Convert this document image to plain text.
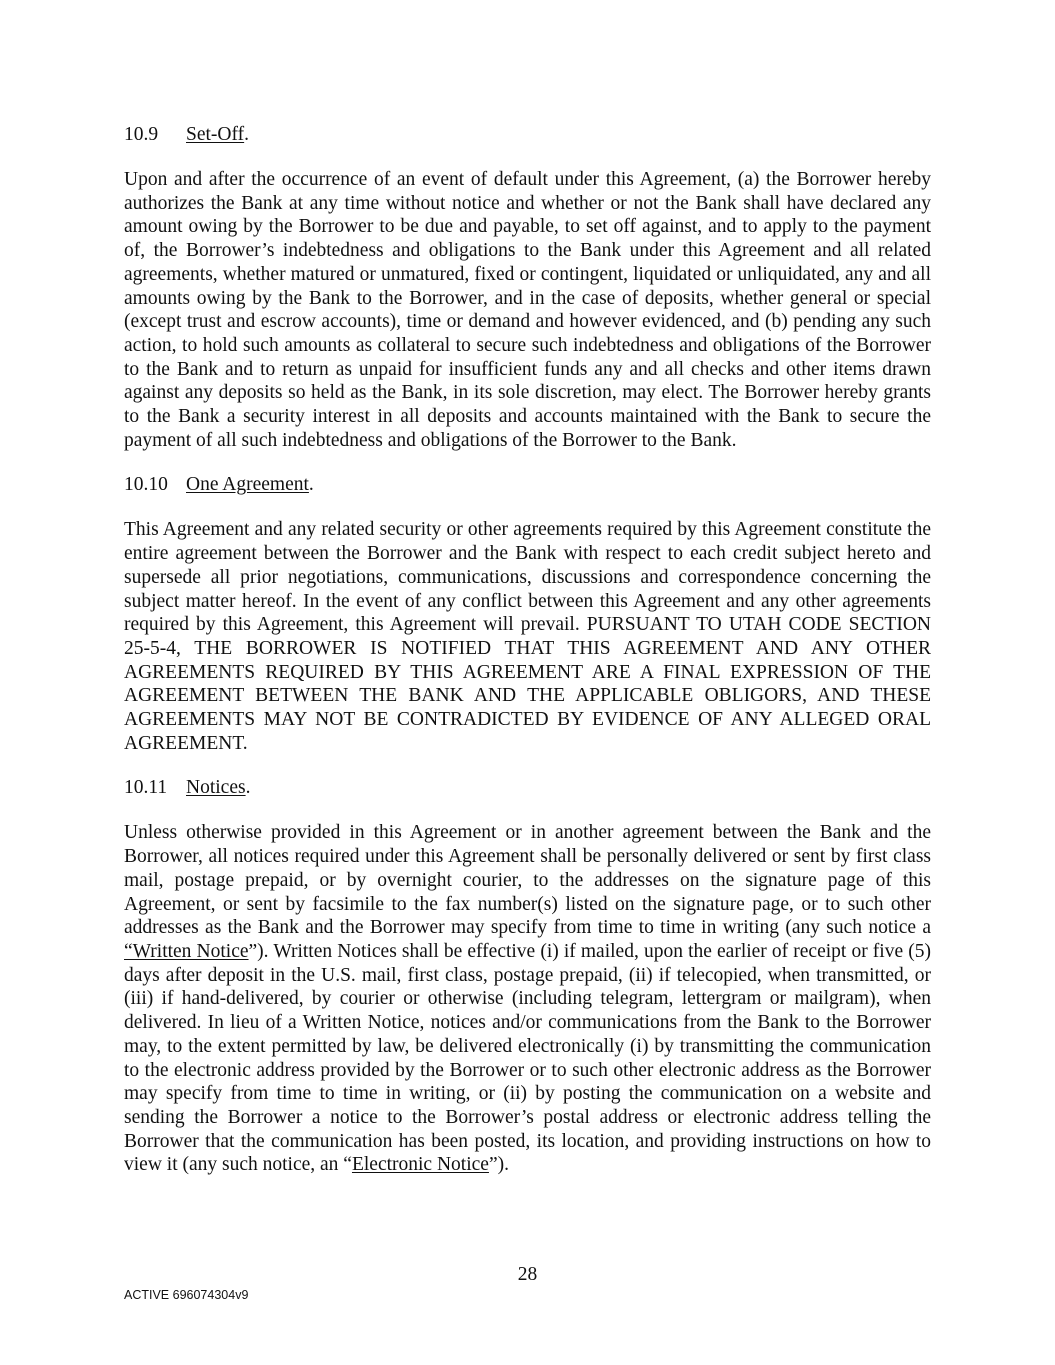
10.9 Set-Off.

Upon and after the occurrence of an event of default under this Agreement, (a) the Borrower hereby authorizes the Bank at any time without notice and whether or not the Bank shall have declared any amount owing by the Borrower to be due and payable, to set off against, and to apply to the payment of, the Borrower’s indebtedness and obligations to the Bank under this Agreement and all related agreements, whether matured or unmatured, fixed or contingent, liquidated or unliquidated, any and all amounts owing by the Bank to the Borrower, and in the case of deposits, whether general or special (except trust and escrow accounts), time or demand and however evidenced, and (b) pending any such action, to hold such amounts as collateral to secure such indebtedness and obligations of the Borrower to the Bank and to return as unpaid for insufficient funds any and all checks and other items drawn against any deposits so held as the Bank, in its sole discretion, may elect. The Borrower hereby grants to the Bank a security interest in all deposits and accounts maintained with the Bank to secure the payment of all such indebtedness and obligations of the Borrower to the Bank.

10.10 One Agreement.

This Agreement and any related security or other agreements required by this Agreement constitute the entire agreement between the Borrower and the Bank with respect to each credit subject hereto and supersede all prior negotiations, communications, discussions and correspondence concerning the subject matter hereof. In the event of any conflict between this Agreement and any other agreements required by this Agreement, this Agreement will prevail. PURSUANT TO UTAH CODE SECTION 25-5-4, THE BORROWER IS NOTIFIED THAT THIS AGREEMENT AND ANY OTHER AGREEMENTS REQUIRED BY THIS AGREEMENT ARE A FINAL EXPRESSION OF THE AGREEMENT BETWEEN THE BANK AND THE APPLICABLE OBLIGORS, AND THESE AGREEMENTS MAY NOT BE CONTRADICTED BY EVIDENCE OF ANY ALLEGED ORAL AGREEMENT.

10.11 Notices.

Unless otherwise provided in this Agreement or in another agreement between the Bank and the Borrower, all notices required under this Agreement shall be personally delivered or sent by first class mail, postage prepaid, or by overnight courier, to the addresses on the signature page of this Agreement, or sent by facsimile to the fax number(s) listed on the signature page, or to such other addresses as the Bank and the Borrower may specify from time to time in writing (any such notice a “Written Notice”). Written Notices shall be effective (i) if mailed, upon the earlier of receipt or five (5) days after deposit in the U.S. mail, first class, postage prepaid, (ii) if telecopied, when transmitted, or (iii) if hand-delivered, by courier or otherwise (including telegram, lettergram or mailgram), when delivered. In lieu of a Written Notice, notices and/or communications from the Bank to the Borrower may, to the extent permitted by law, be delivered electronically (i) by transmitting the communication to the electronic address provided by the Borrower or to such other electronic address as the Borrower may specify from time to time in writing, or (ii) by posting the communication on a website and sending the Borrower a notice to the Borrower’s postal address or electronic address telling the Borrower that the communication has been posted, its location, and providing instructions on how to view it (any such notice, an “Electronic Notice”).

28
ACTIVE 696074304v9
